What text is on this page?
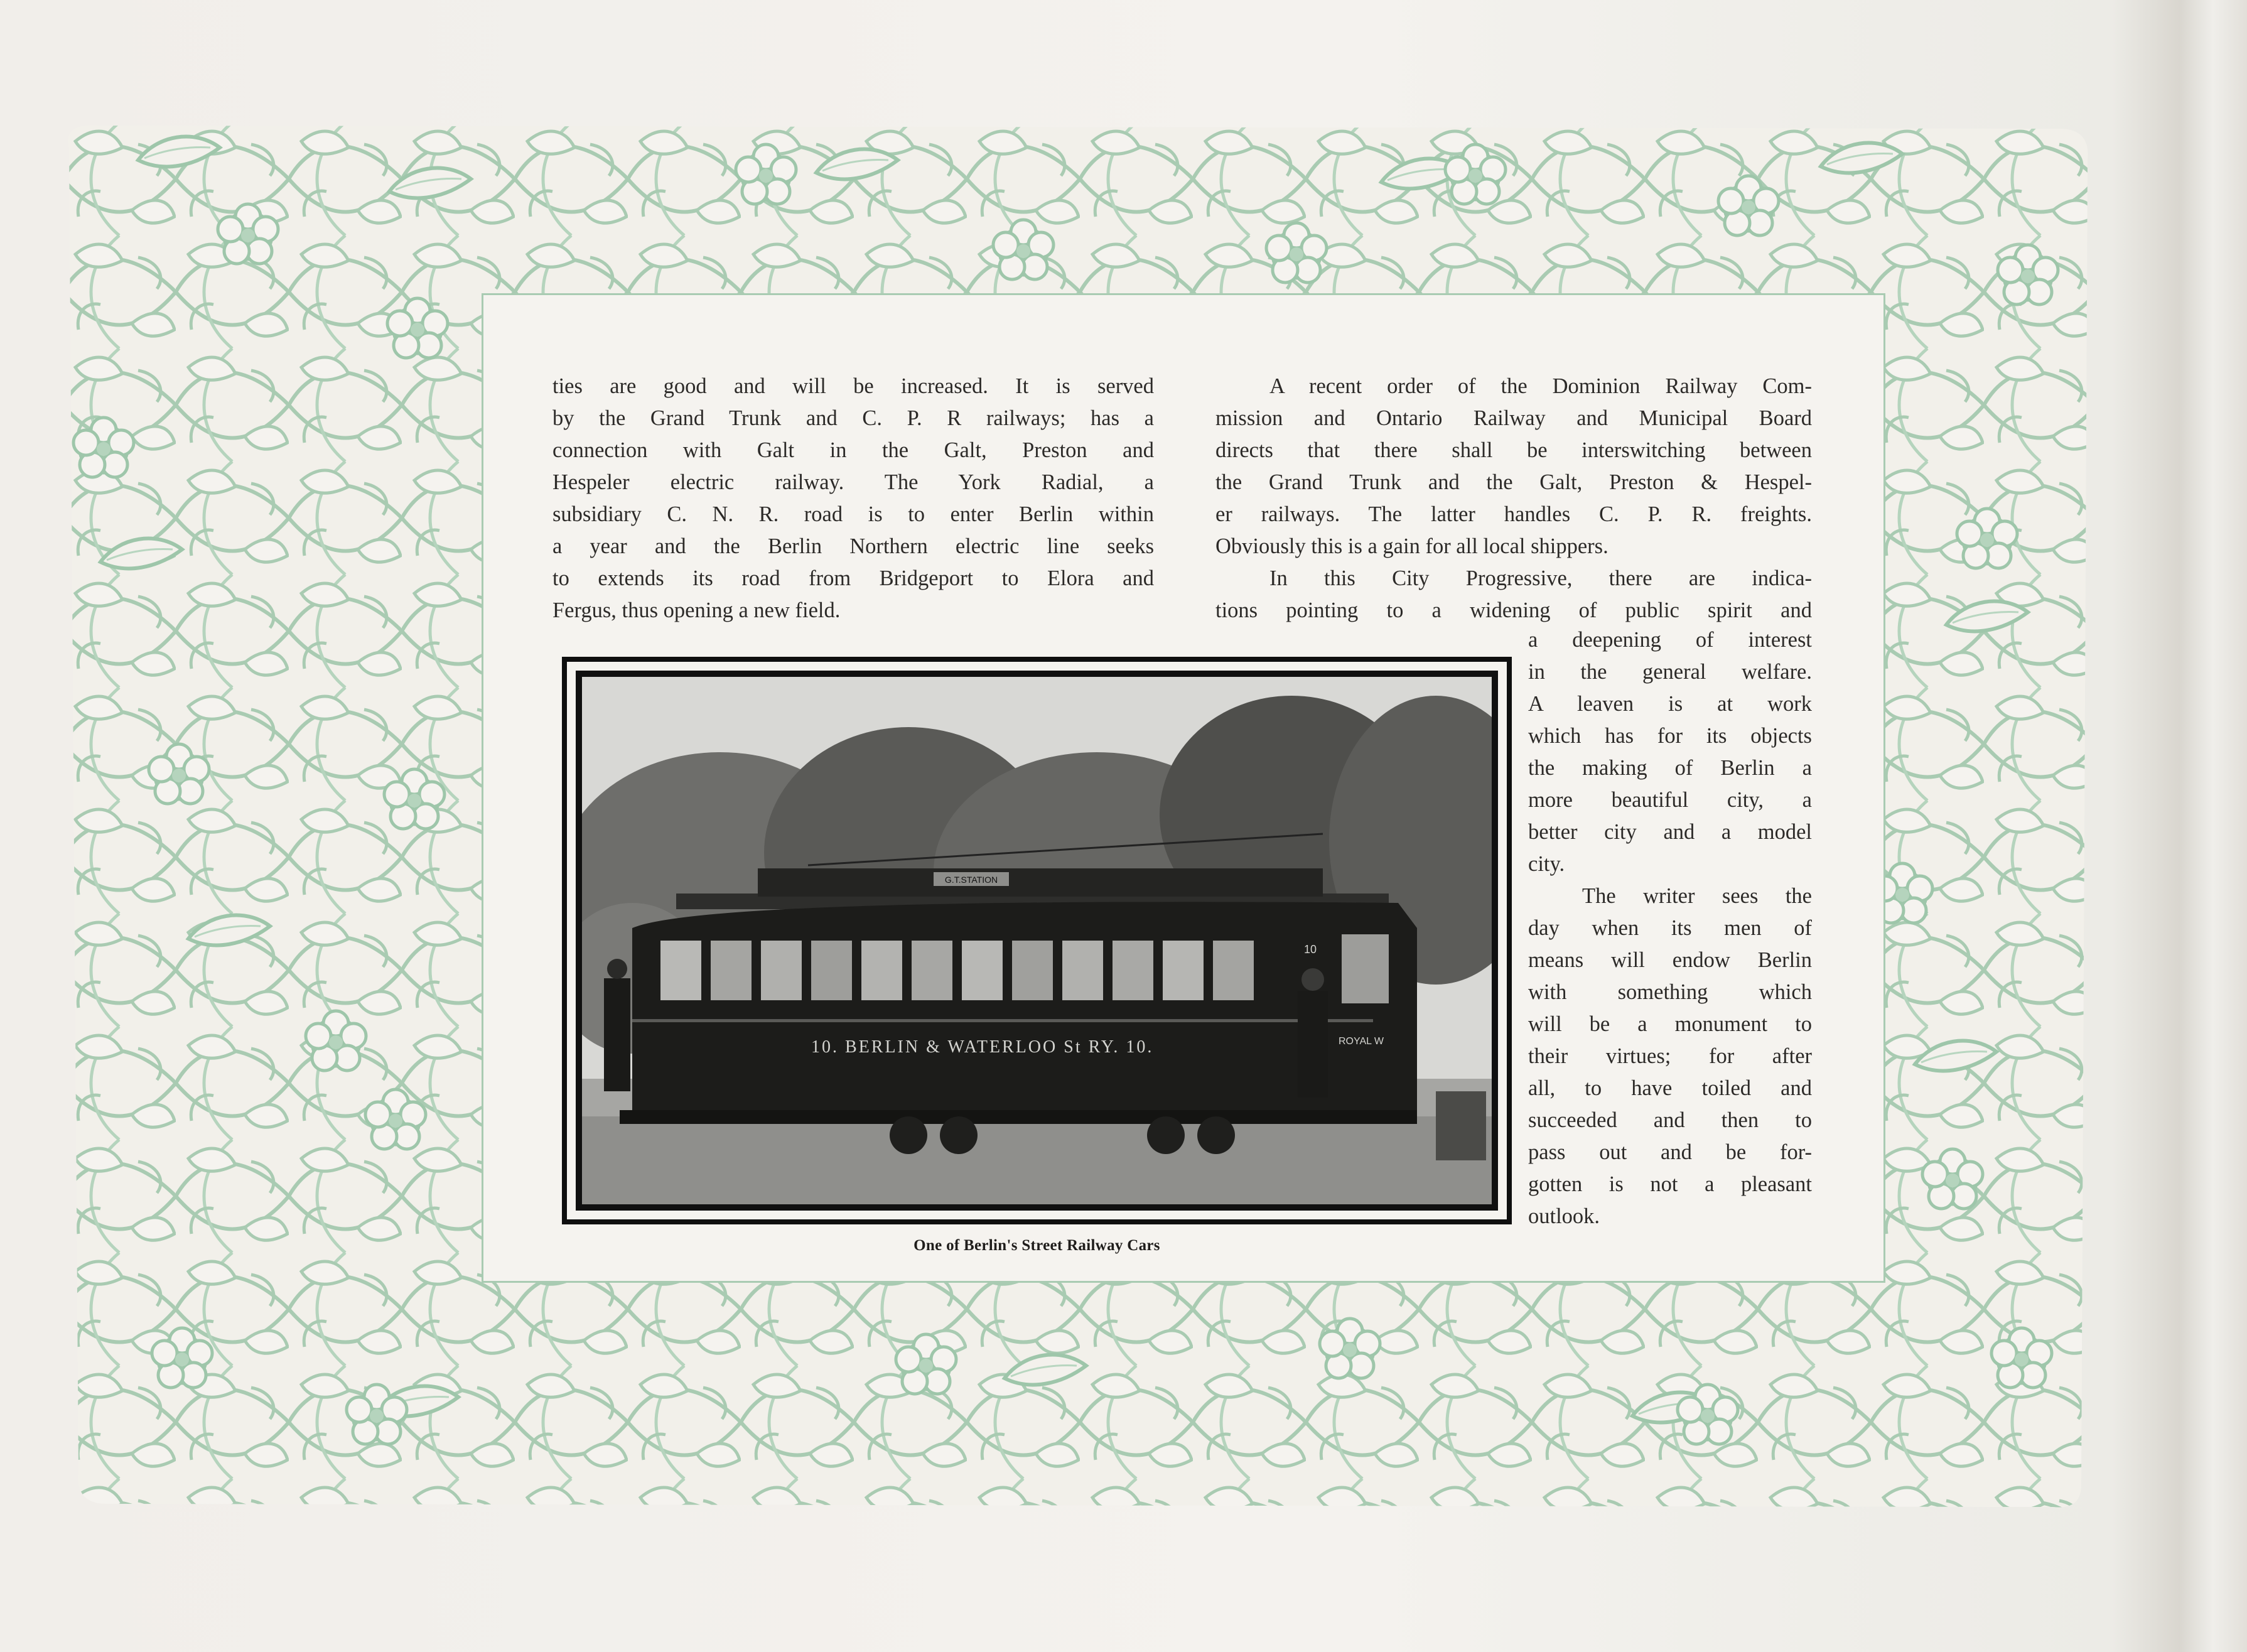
ties are good and will be increased. It is served

by the Grand Trunk and C. P. R railways; has a

connection with Galt in the Galt, Preston and

Hespeler electric railway. The York Radial, a

subsidiary C. N. R. road is to enter Berlin within

a year and the Berlin Northern electric line seeks

to extends its road from Bridgeport to Elora and

Fergus, thus opening a new field.

A recent order of the Dominion Railway Com-

mission and Ontario Railway and Municipal Board

directs that there shall be interswitching between

the Grand Trunk and the Galt, Preston & Hespel-

er railways. The latter handles C. P. R. freights.

Obviously this is a gain for all local shippers.

In this City Progressive, there are indica-

tions pointing to a widening of public spirit and

a deepening of interest

in the general welfare.

A leaven is at work

which has for its objects

the making of Berlin a

more beautiful city, a

better city and a model

city.

The writer sees the

day when its men of

means will endow Berlin

with something which

will be a monument to

their virtues; for after

all, to have toiled and

succeeded and then to

pass out and be for-

gotten is not a pleasant

outlook.

G.T.STATION
10. BERLIN & WATERLOO St RY. 10.	ROYAL W
10
One of Berlin's Street Railway Cars
